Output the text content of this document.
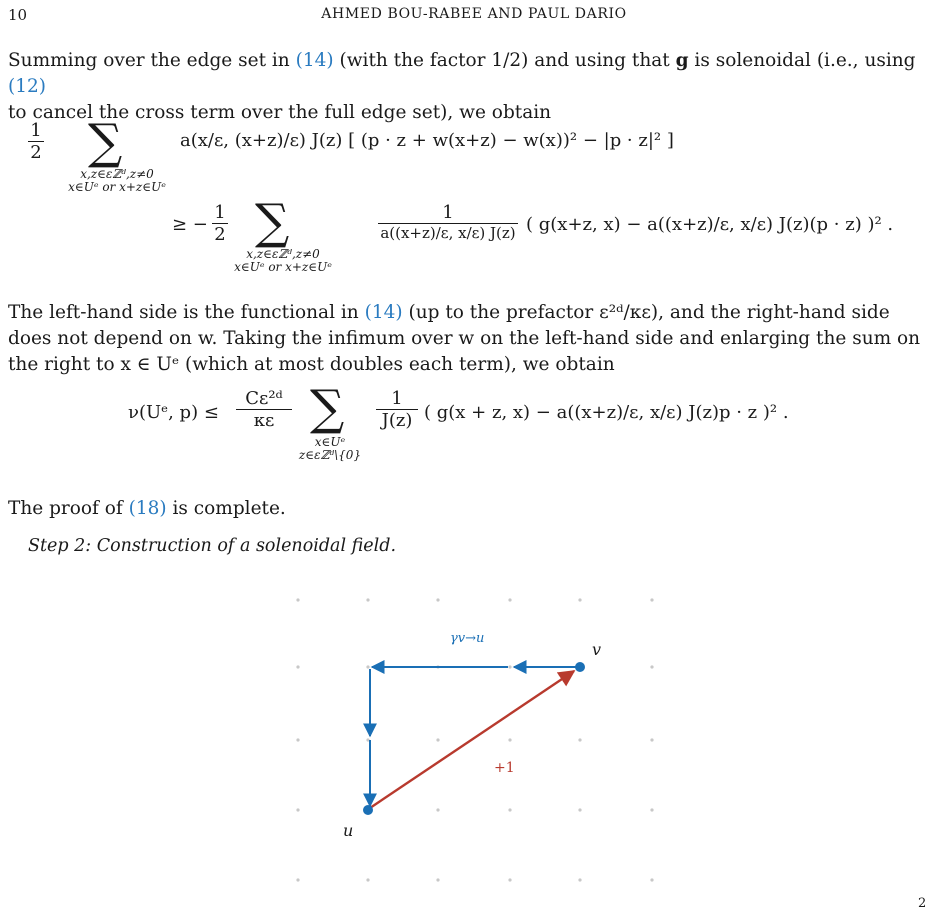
10	AHMED BOU-RABEE AND PAUL DARIO
Summing over the edge set in (14) (with the factor 1/2) and using that g is solenoidal (i.e., using (12)
to cancel the cross term over the full edge set), we obtain
1
2 ∑
x,z∈εℤᵈ,z≠0
x∈Uᵉ or x+z∈Uᵉ
a(x/ε, (x+z)/ε) J(z) [ (p · z + w(x+z) − w(x))² − |p · z|² ]
≥ −
1
2 ∑
x,z∈εℤᵈ,z≠0
x∈Uᵉ or x+z∈Uᵉ
1
a((x+z)/ε, x/ε) J(z) ( g(x+z, x) − a((x+z)/ε, x/ε) J(z)(p · z) )² .
The left-hand side is the functional in (14) (up to the prefactor ε²ᵈ/κε), and the right-hand side
does not depend on w. Taking the infimum over w on the left-hand side and enlarging the sum on
the right to x ∈ Uᵉ (which at most doubles each term), we obtain
ν(Uᵉ, p) ≤
Cε²ᵈ
κε ∑
x∈Uᵉ
z∈εℤᵈ\{0}
1
J(z) ( g(x + z, x) − a((x+z)/ε, x/ε) J(z)p · z )² .
The proof of (18) is complete.
Step 2: Construction of a solenoidal field.
γv→u
v
u
+1
2
